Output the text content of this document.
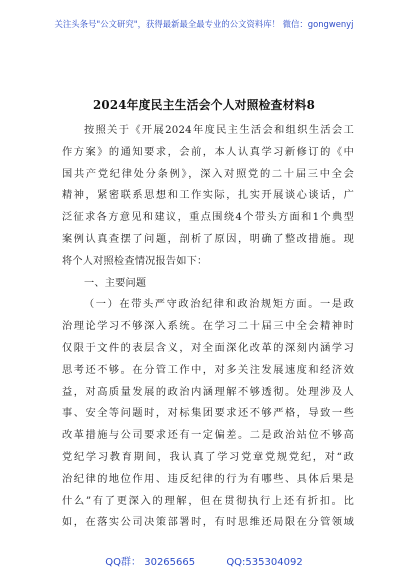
关注头条号"公文研究"，获得最新最全最专业的公文资料库！ 微信：gongwenyj
2024年度民主生活会个人对照检查材料8

按照关于《开展2024年度民主生活会和组织生活会工

作方案》的通知要求，会前，本人认真学习新修订的《中

国共产党纪律处分条例》，深入对照党的二十届三中全会

精神，紧密联系思想和工作实际，扎实开展谈心谈话，广

泛征求各方意见和建议，重点围绕4个带头方面和1个典型

案例认真查摆了问题，剖析了原因，明确了整改措施。现

将个人对照检查情况报告如下：

一、主要问题

（一）在带头严守政治纪律和政治规矩方面。一是政

治理论学习不够深入系统。在学习二十届三中全会精神时

仅限于文件的表层含义，对全面深化改革的深刻内涵学习

思考还不够。在分管工作中，对多关注发展速度和经济效

益，对高质量发展的政治内涵理解不够透彻。处理涉及人

事、安全等问题时，对标集团要求还不够严格，导致一些

改革措施与公司要求还有一定偏差。二是政治站位不够高

党纪学习教育期间，我认真了学习党章党规党纪，对“政

治纪律的地位作用、违反纪律的行为有哪些、具体后果是

什么”有了更深入的理解，但在贯彻执行上还有折扣。比

如，在落实公司决策部署时，有时思维还局限在分管领域

QQ群： 30265665	QQ:535304092
